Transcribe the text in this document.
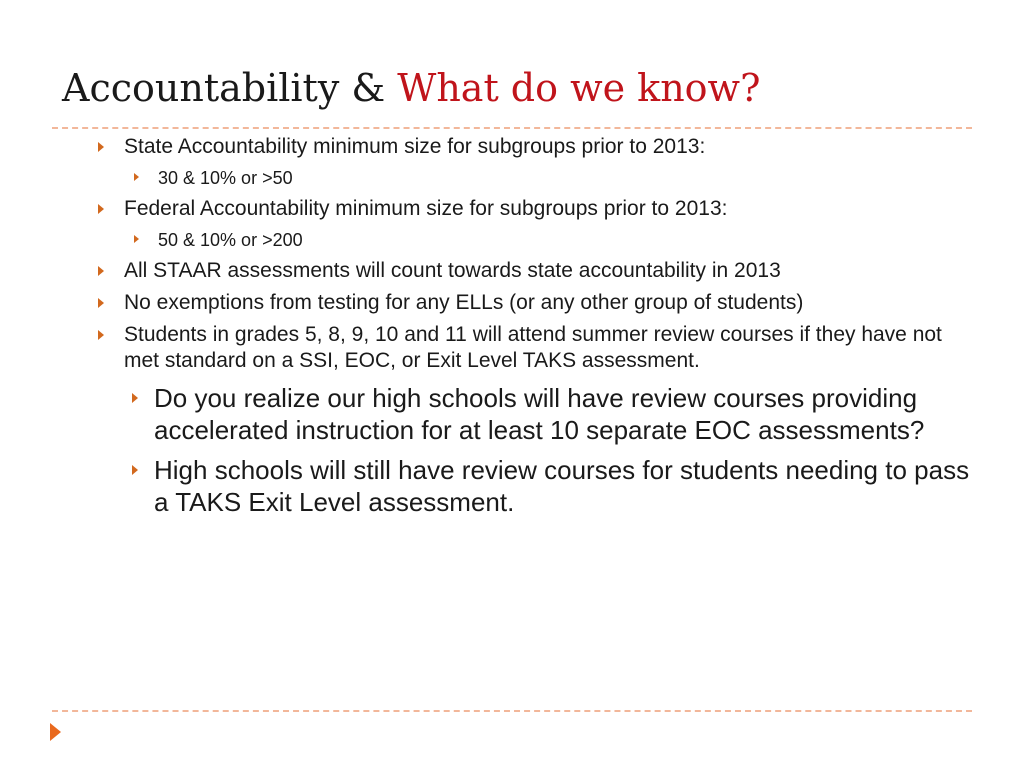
Accountability & What do we know?

State Accountability minimum size for subgroups prior to 2013:

30 & 10% or >50

Federal Accountability minimum size for subgroups prior to 2013:

50 & 10% or >200

All STAAR assessments will count towards state accountability in 2013

No exemptions from testing for any ELLs (or any other group of students)

Students in grades 5, 8, 9, 10 and 11 will attend summer review courses if they have not met standard on a SSI, EOC, or Exit Level TAKS assessment.

Do you realize our high schools will have review courses providing accelerated instruction for at least 10 separate EOC assessments?

High schools will still have review courses for students needing to pass a TAKS Exit Level assessment.
